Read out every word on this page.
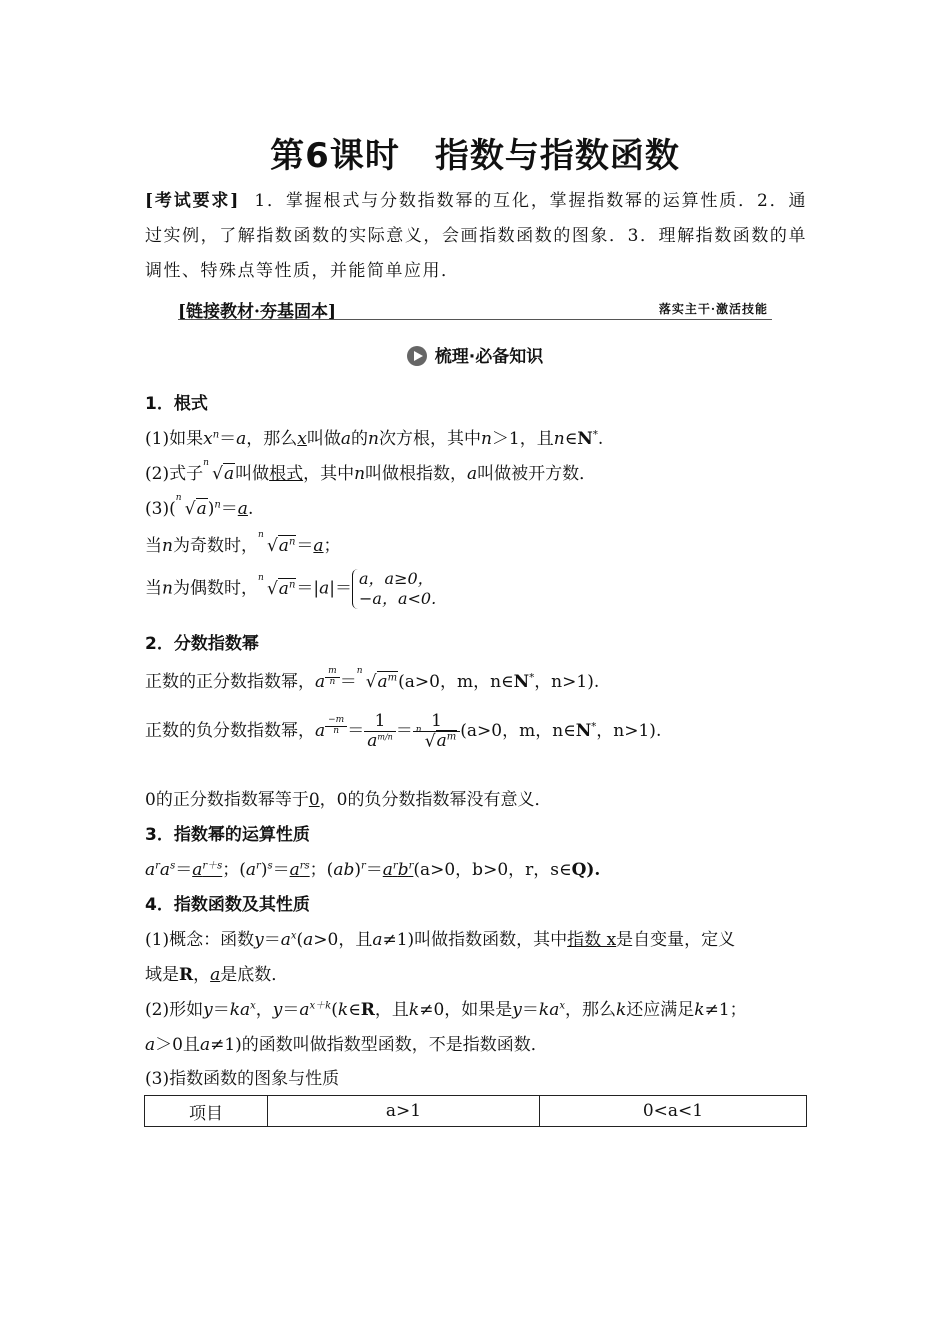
第6课时　指数与指数函数
[考试要求] 1．掌握根式与分数指数幂的互化，掌握指数幂的运算性质．2．通过实例，了解指数函数的实际意义，会画指数函数的图象．3．理解指数函数的单调性、特殊点等性质，并能简单应用．
[链接教材·夯基固本]	落实主干·激活技能
梳理·必备知识
1．根式
(1)如果$x^n=a$，那么x叫做a的n次方根，其中n＞1，且n∈N*.
(2)式子
n
√a叫做根式，其中n叫做根指数，a叫做被开方数．
(3)(
n
√a)$^n$＝a.
当n为奇数时，
n
$√a^n=a$；
当n为偶数时，
n
$√a^n=|a|= a$，a≥0，
−a，a<0.
2．分数指数幂
正数的正分数指数幂，a $^{\frac{m}{n}}$ ＝
n
$√a^m(a>0$，m，n∈N*，n>1).
正数的负分数指数幂，a $^{\frac{-m}{n}} = \frac{1}{a^{m/n}} = 1$
n
$√a^m$ (a>0，m，n∈N*，n>1).
0的正分数指数幂等于0，0的负分数指数幂没有意义．
3．指数幂的运算性质
$a^ra^s=a^{r+s}$；$(a^r)^s=a^{rs}$；$(ab)^r=a^rb^r(a>0$，b>0，r，s∈Q).
4．指数函数及其性质
(1)概念：函数$y=a^x(a>0$，且a≠1)叫做指数函数，其中指数 x是自变量，定义
域是R，a是底数．
(2)形如$y=ka^x$，$y=a^{x+k}(k\in R$，且k≠0，如果是$y=ka^x$，那么k还应满足k≠1；
a＞0且a≠1)的函数叫做指数型函数，不是指数函数．
(3)指数函数的图象与性质
项目	a>1	0<a<1
